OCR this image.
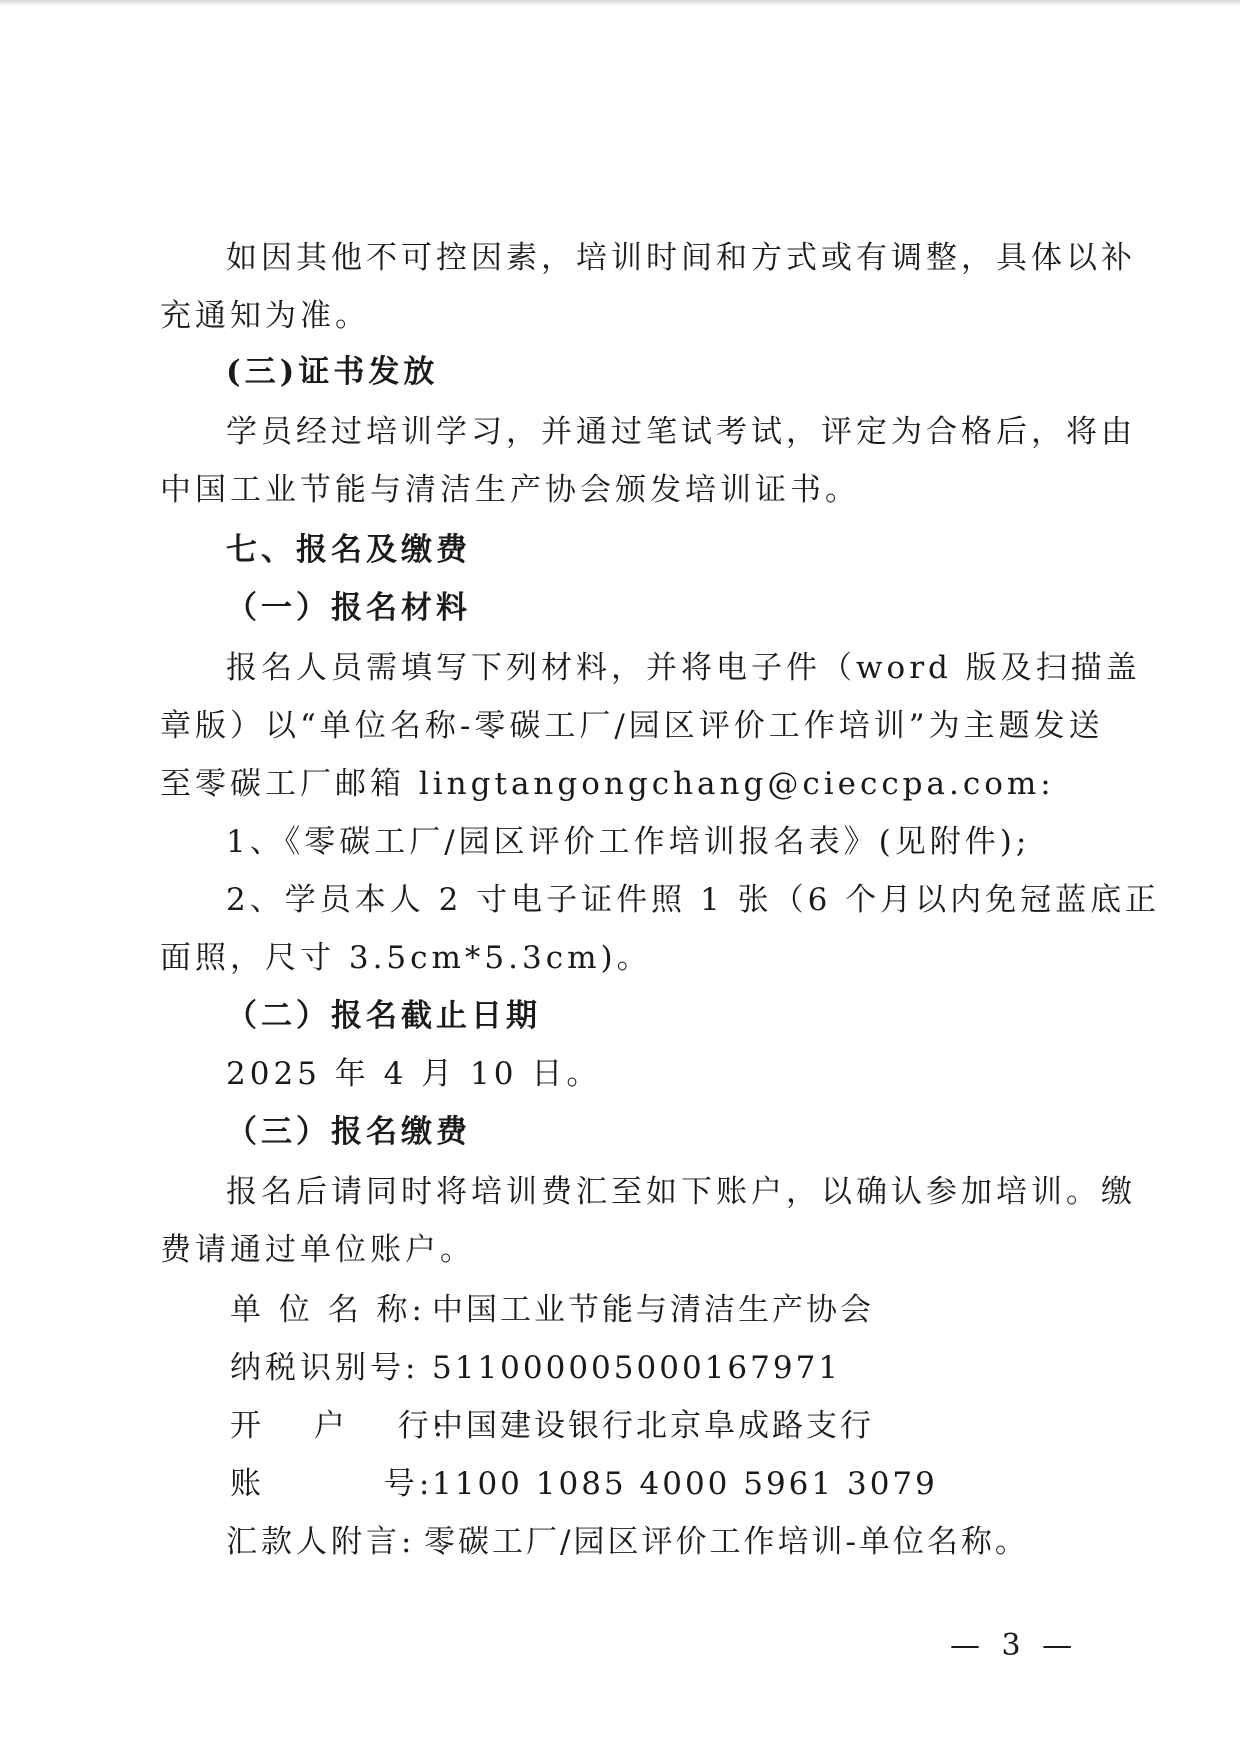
如因其他不可控因素，培训时间和方式或有调整，具体以补
充通知为准。
(三)证书发放
学员经过培训学习，并通过笔试考试，评定为合格后，将由
中国工业节能与清洁生产协会颁发培训证书。
七、报名及缴费
（一）报名材料
报名人员需填写下列材料，并将电子件（word 版及扫描盖
章版）以“单位名称-零碳工厂/园区评价工作培训”为主题发送
至零碳工厂邮箱 lingtangongchang@cieccpa.com:
1、《零碳工厂/园区评价工作培训报名表》(见附件);
2、学员本人 2 寸电子证件照 1 张（6 个月以内免冠蓝底正
面照，尺寸 3.5cm*5.3cm)。
（二）报名截止日期
2025 年 4 月 10 日。
（三）报名缴费
报名后请同时将培训费汇至如下账户，以确认参加培训。缴
费请通过单位账户。
单 位 名 称: 中国工业节能与清洁生产协会
纳税识别号: 511000005000167971
开　 户　 行:
中国建设银行北京阜成路支行
账　　　 号:
1100 1085 4000 5961 3079
汇款人附言: 零碳工厂/园区评价工作培训-单位名称。
— 3 —
